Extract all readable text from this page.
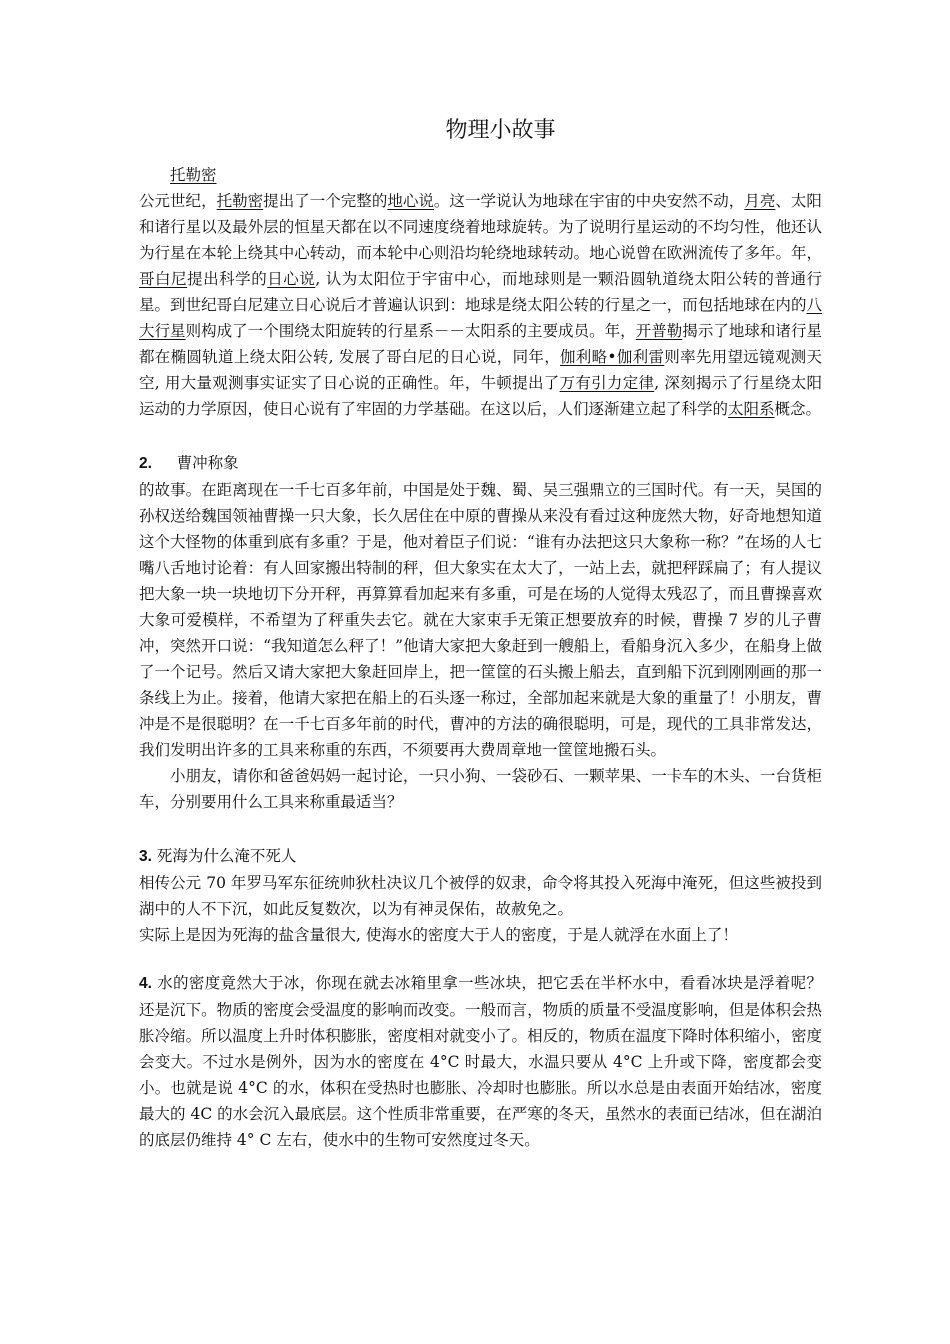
物理小故事

托勒密

公元世纪，托勒密提出了一个完整的地心说。这一学说认为地球在宇宙的中央安然不动，月亮、太阳和诸行星以及最外层的恒星天都在以不同速度绕着地球旋转。为了说明行星运动的不均匀性，他还认为行星在本轮上绕其中心转动，而本轮中心则沿均轮绕地球转动。地心说曾在欧洲流传了多年。年，哥白尼提出科学的日心说, 认为太阳位于宇宙中心，而地球则是一颗沿圆轨道绕太阳公转的普通行星。到世纪哥白尼建立日心说后才普遍认识到：地球是绕太阳公转的行星之一，而包括地球在内的八大行星则构成了一个围绕太阳旋转的行星系－－太阳系的主要成员。年，开普勒揭示了地球和诸行星都在椭圆轨道上绕太阳公转, 发展了哥白尼的日心说，同年，伽利略•伽利雷则率先用望远镜观测天空, 用大量观测事实证实了日心说的正确性。年，牛顿提出了万有引力定律, 深刻揭示了行星绕太阳运动的力学原因，使日心说有了牢固的力学基础。在这以后，人们逐渐建立起了科学的太阳系概念。

2. 曹冲称象

的故事。在距离现在一千七百多年前，中国是处于魏、蜀、吴三强鼎立的三国时代。有一天，吴国的孙权送给魏国领袖曹操一只大象，长久居住在中原的曹操从来没有看过这种庞然大物，好奇地想知道这个大怪物的体重到底有多重？于是，他对着臣子们说：“谁有办法把这只大象称一称？”在场的人七嘴八舌地讨论着：有人回家搬出特制的秤，但大象实在太大了，一站上去，就把秤踩扁了；有人提议把大象一块一块地切下分开秤，再算算看加起来有多重，可是在场的人觉得太残忍了，而且曹操喜欢大象可爱模样，不希望为了秤重失去它。就在大家束手无策正想要放弃的时候，曹操 7 岁的儿子曹冲，突然开口说：“我知道怎么秤了！”他请大家把大象赶到一艘船上，看船身沉入多少，在船身上做了一个记号。然后又请大家把大象赶回岸上，把一筐筐的石头搬上船去，直到船下沉到刚刚画的那一条线上为止。接着，他请大家把在船上的石头逐一称过，全部加起来就是大象的重量了！小朋友，曹冲是不是很聪明？在一千七百多年前的时代，曹冲的方法的确很聪明，可是，现代的工具非常发达，我们发明出许多的工具来称重的东西，不须要再大费周章地一筐筐地搬石头。

小朋友，请你和爸爸妈妈一起讨论，一只小狗、一袋砂石、一颗苹果、一卡车的木头、一台货柜车，分别要用什么工具来称重最适当？

3. 死海为什么淹不死人

相传公元 70 年罗马军东征统帅狄杜决议几个被俘的奴隶，命令将其投入死海中淹死，但这些被投到湖中的人不下沉，如此反复数次，以为有神灵保佑，故赦免之。

实际上是因为死海的盐含量很大, 使海水的密度大于人的密度，于是人就浮在水面上了！

4. 水的密度竟然大于冰，你现在就去冰箱里拿一些冰块，把它丢在半杯水中，看看冰块是浮着呢？还是沉下。物质的密度会受温度的影响而改变。一般而言，物质的质量不受温度影响，但是体积会热胀冷缩。所以温度上升时体积膨胀，密度相对就变小了。相反的，物质在温度下降时体积缩小，密度会变大。不过水是例外，因为水的密度在 4°C 时最大，水温只要从 4°C 上升或下降，密度都会变小。也就是说 4°C 的水，体积在受热时也膨胀、冷却时也膨胀。所以水总是由表面开始结冰，密度最大的 4C 的水会沉入最底层。这个性质非常重要，在严寒的冬天，虽然水的表面已结冰，但在湖泊的底层仍维持 4° C 左右，使水中的生物可安然度过冬天。
